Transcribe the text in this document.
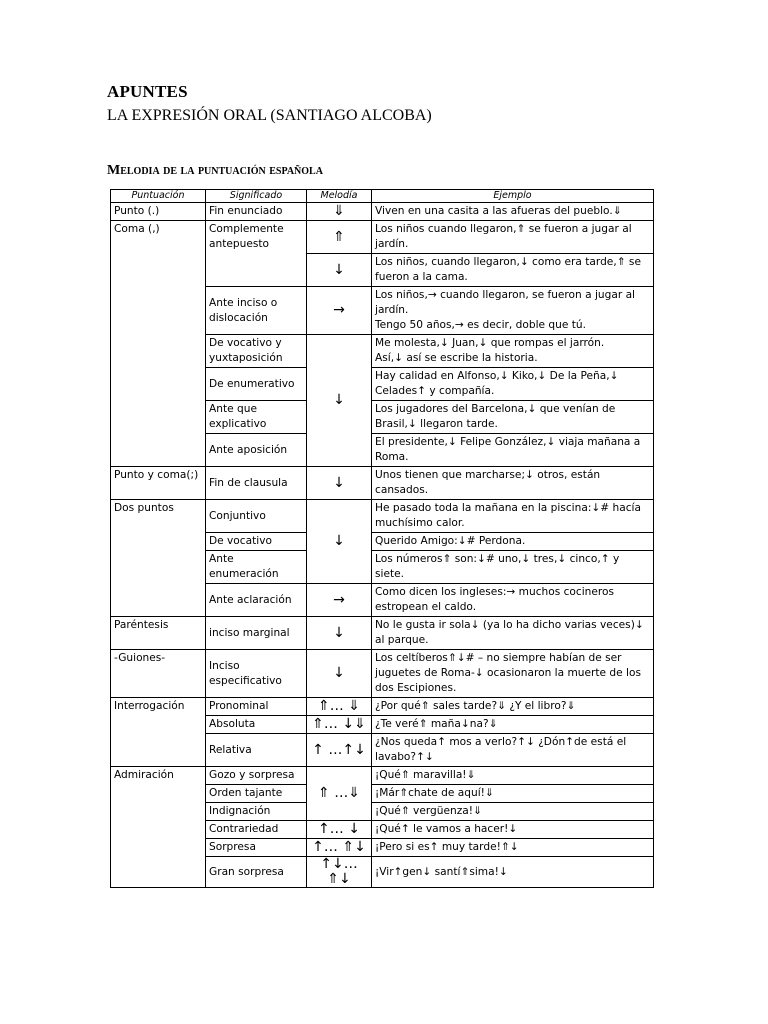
APUNTES
LA EXPRESIÓN ORAL (SANTIAGO ALCOBA)
Melodia de la puntuación española
Puntuación	Significado	Melodía	Ejemplo
Punto (.)	Fin enunciado	⇓	Viven en una casita a las afueras del pueblo.⇓
Coma (,)	Complemente antepuesto	⇑	Los niños cuando llegaron,⇑ se fueron a jugar al jardín.
		↓	Los niños, cuando llegaron,↓ como era tarde,⇑ se fueron a la cama.
	Ante inciso o dislocación	→	Los niños,→ cuando llegaron, se fueron a jugar al jardín.
Tengo 50 años,→ es decir, doble que tú.

	De vocativo y yuxtaposición	↓	Me molesta,↓ Juan,↓ que rompas el jarrón.
Así,↓ así se escribe la historia.

	De enumerativo		Hay calidad en Alfonso,↓ Kiko,↓ De la Peña,↓ Celades↑ y compañía.
	Ante que explicativo		Los jugadores del Barcelona,↓ que venían de Brasil,↓ llegaron tarde.
	Ante aposición		El presidente,↓ Felipe González,↓ viaja mañana a Roma.
Punto y coma(;)	Fin de clausula	↓	Unos tienen que marcharse;↓ otros, están cansados.
Dos puntos	Conjuntivo	↓	He pasado toda la mañana en la piscina:↓# hacía muchísimo calor.
	De vocativo		Querido Amigo:↓# Perdona.
	Ante enumeración		Los números⇑ son:↓# uno,↓ tres,↓ cinco,↑ y siete.
	Ante aclaración	→	Como dicen los ingleses:→ muchos cocineros estropean el caldo.
Paréntesis	inciso marginal	↓	No le gusta ir sola↓ (ya lo ha dicho varias veces)↓ al parque.
-Guiones-	Inciso especificativo	↓	Los celtíberos⇑↓# – no siempre habían de ser juguetes de Roma-↓ ocasionaron la muerte de los dos Escipiones.
Interrogación	Pronominal	⇑… ⇓	¿Por qué⇑ sales tarde?⇓ ¿Y el libro?⇓
	Absoluta	⇑… ↓⇓	¿Te veré⇑ maña↓na?⇓
	Relativa	↑ …↑↓	¿Nos queda↑ mos a verlo?↑↓ ¿Dón↑de está el lavabo?↑↓
Admiración	Gozo y sorpresa	⇑ …⇓	¡Qué⇑ maravilla!⇓
	Orden tajante		¡Már⇑chate de aquí!⇓
	Indignación		¡Qué⇑ vergüenza!⇓
	Contrariedad	↑… ↓	¡Qué↑ le vamos a hacer!↓
	Sorpresa	↑… ⇑↓	¡Pero si es↑ muy tarde!⇑↓
	Gran sorpresa	↑↓…⇑↓	¡Vir↑gen↓ santí⇑sima!↓
